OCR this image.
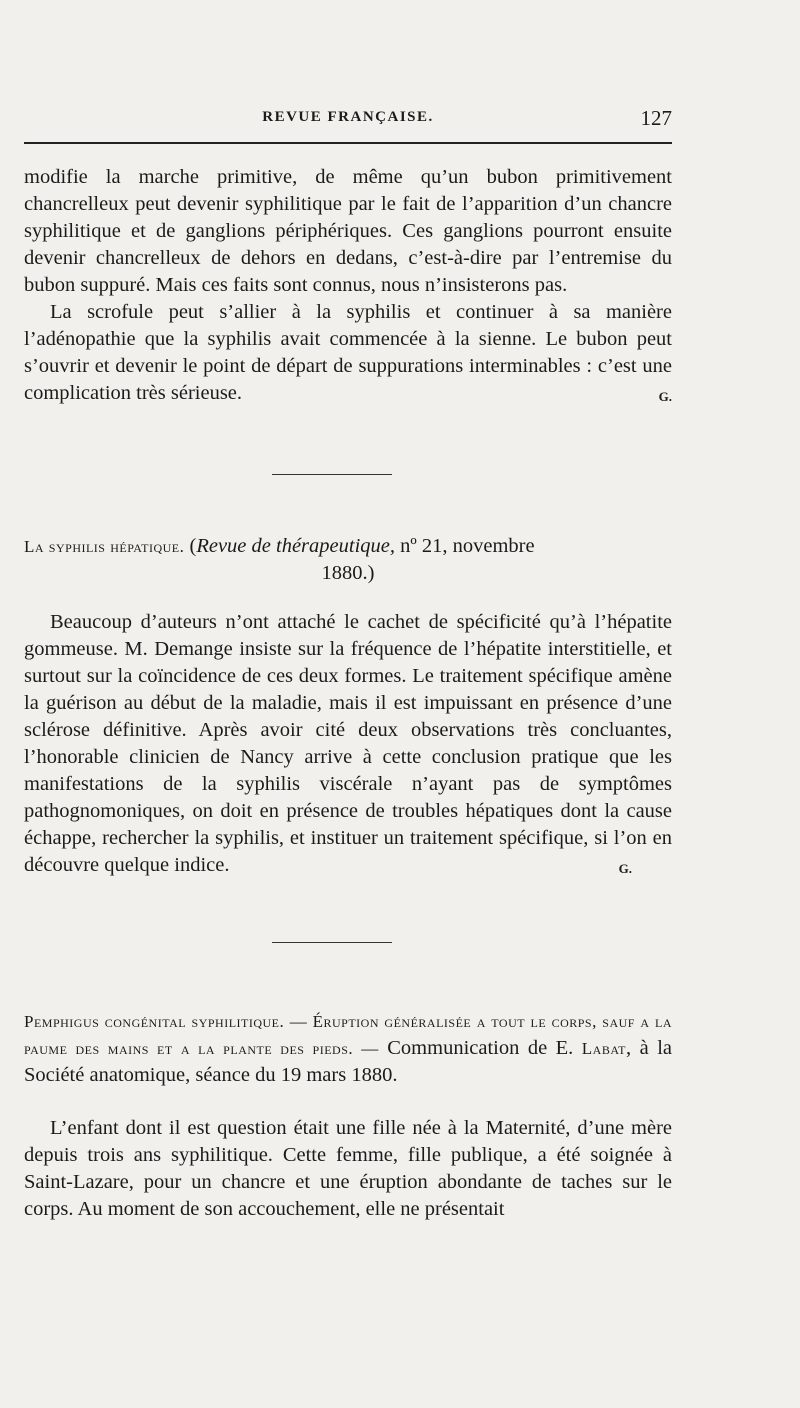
REVUE FRANÇAISE.	127

modifie la marche primitive, de même qu’un bubon primitivement chancrelleux peut devenir syphilitique par le fait de l’apparition d’un chancre syphilitique et de ganglions périphériques. Ces ganglions pourront ensuite devenir chancrelleux de dehors en dedans, c’est-à-dire par l’entremise du bubon suppuré. Mais ces faits sont connus, nous n’insisterons pas.

La scrofule peut s’allier à la syphilis et continuer à sa manière l’adénopathie que la syphilis avait commencée à la sienne. Le bubon peut s’ouvrir et devenir le point de départ de suppurations interminables : c’est une complication très sérieuse.	G.

La syphilis hépatique. (Revue de thérapeutique, nº 21, novembre
1880.)

Beaucoup d’auteurs n’ont attaché le cachet de spécificité qu’à l’hépatite gommeuse. M. Demange insiste sur la fréquence de l’hépatite interstitielle, et surtout sur la coïncidence de ces deux formes. Le traitement spécifique amène la guérison au début de la maladie, mais il est impuissant en présence d’une sclérose définitive. Après avoir cité deux observations très concluantes, l’honorable clinicien de Nancy arrive à cette conclusion pratique que les manifestations de la syphilis viscérale n’ayant pas de symptômes pathognomoniques, on doit en présence de troubles hépatiques dont la cause échappe, rechercher la syphilis, et instituer un traitement spécifique, si l’on en découvre quelque indice.	G.

Pemphigus congénital syphilitique. — Éruption généralisée a tout le corps, sauf a la paume des mains et a la plante des pieds. — Communication de E. Labat, à la Société anatomique, séance du 19 mars 1880.

L’enfant dont il est question était une fille née à la Maternité, d’une mère depuis trois ans syphilitique. Cette femme, fille publique, a été soignée à Saint-Lazare, pour un chancre et une éruption abondante de taches sur le corps. Au moment de son accouchement, elle ne présentait
